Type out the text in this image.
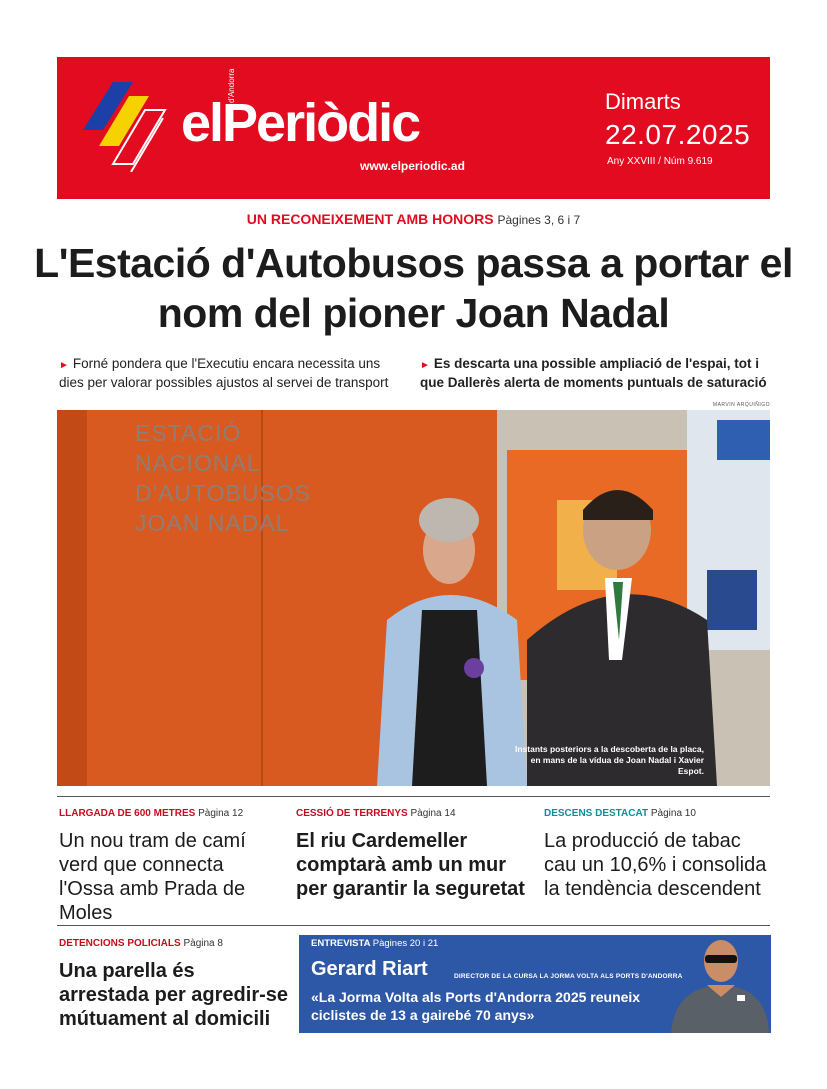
elPeriòdic
d'Andorra
www.elperiodic.ad
Dimarts
22.07.2025
Any XXVIII / Núm 9.619
UN RECONEIXEMENT AMB HONORS Pàgines 3, 6 i 7
L'Estació d'Autobusos passa a portar el nom del pioner Joan Nadal
► Forné pondera que l'Executiu encara necessita uns dies per valorar possibles ajustos al servei de transport
► Es descarta una possible ampliació de l'espai, tot i que Dallerès alerta de moments puntuals de saturació
MARVIN ARQUIÑIGO
ESTACIÓ
NACIONAL
D'AUTOBUSOS
JOAN NADAL
Instants posteriors a la descoberta de la placa, en mans de la vídua de Joan Nadal i Xavier Espot.
LLARGADA DE 600 METRES Pàgina 12
Un nou tram de camí verd que connecta l'Ossa amb Prada de Moles
CESSIÓ DE TERRENYS Pàgina 14
El riu Cardemeller comptarà amb un mur per garantir la seguretat
DESCENS DESTACAT Pàgina 10
La producció de tabac cau un 10,6% i consolida la tendència descendent
DETENCIONS POLICIALS Pàgina 8
Una parella és arrestada per agredir-se mútuament al domicili
ENTREVISTA Pàgines 20 i 21
Gerard Riart	DIRECTOR DE LA CURSA LA JORMA VOLTA ALS PORTS D'ANDORRA
«La Jorma Volta als Ports d'Andorra 2025 reuneix ciclistes de 13 a gairebé 70 anys»
